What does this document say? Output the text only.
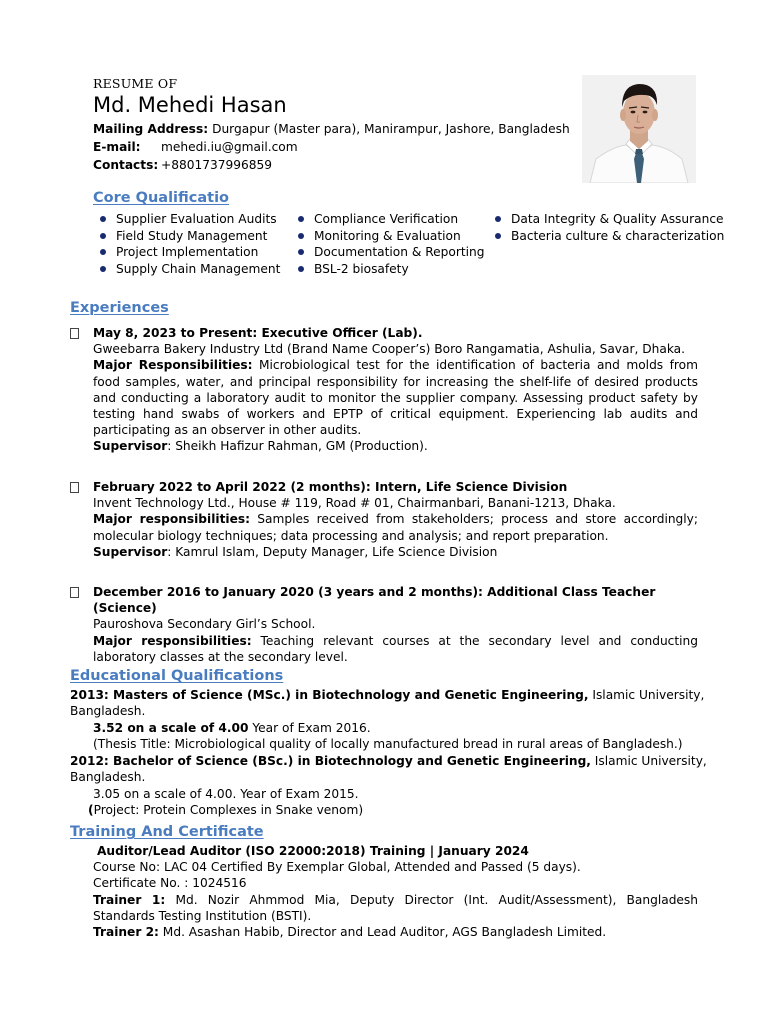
RESUME OF
Md. Mehedi Hasan
Mailing Address: Durgapur (Master para), Manirampur, Jashore, Bangladesh
E-mail: mehedi.iu@gmail.com
Contacts: +8801737996859
Core Qualificatio
Supplier Evaluation Audits
Field Study Management
Project Implementation
Supply Chain Management
Compliance Verification
Monitoring & Evaluation
Documentation & Reporting
BSL-2 biosafety
Data Integrity & Quality Assurance
Bacteria culture & characterization
Experiences
May 8, 2023 to Present: Executive Officer (Lab).
Gweebarra Bakery Industry Ltd (Brand Name Cooper’s) Boro Rangamatia, Ashulia, Savar, Dhaka.
Major Responsibilities: Microbiological test for the identification of bacteria and molds from food samples, water, and principal responsibility for increasing the shelf-life of desired products and conducting a laboratory audit to monitor the supplier company. Assessing product safety by testing hand swabs of workers and EPTP of critical equipment. Experiencing lab audits and participating as an observer in other audits.
Supervisor: Sheikh Hafizur Rahman, GM (Production).
February 2022 to April 2022 (2 months): Intern, Life Science Division
Invent Technology Ltd., House # 119, Road # 01, Chairmanbari, Banani-1213, Dhaka.
Major responsibilities: Samples received from stakeholders; process and store accordingly; molecular biology techniques; data processing and analysis; and report preparation.
Supervisor: Kamrul Islam, Deputy Manager, Life Science Division
December 2016 to January 2020 (3 years and 2 months): Additional Class Teacher (Science)
Pauroshova Secondary Girl’s School.
Major responsibilities: Teaching relevant courses at the secondary level and conducting laboratory classes at the secondary level.
Educational Qualifications
2013: Masters of Science (MSc.) in Biotechnology and Genetic Engineering, Islamic University, Bangladesh.
3.52 on a scale of 4.00 Year of Exam 2016.
(Thesis Title: Microbiological quality of locally manufactured bread in rural areas of Bangladesh.)
2012: Bachelor of Science (BSc.) in Biotechnology and Genetic Engineering, Islamic University, Bangladesh.
3.05 on a scale of 4.00. Year of Exam 2015.
(Project: Protein Complexes in Snake venom)
Training And Certificate
Auditor/Lead Auditor (ISO 22000:2018) Training | January 2024
Course No: LAC 04 Certified By Exemplar Global, Attended and Passed (5 days).
Certificate No. : 1024516
Trainer 1: Md. Nozir Ahmmod Mia, Deputy Director (Int. Audit/Assessment), Bangladesh Standards Testing Institution (BSTI).
Trainer 2: Md. Asashan Habib, Director and Lead Auditor, AGS Bangladesh Limited.
